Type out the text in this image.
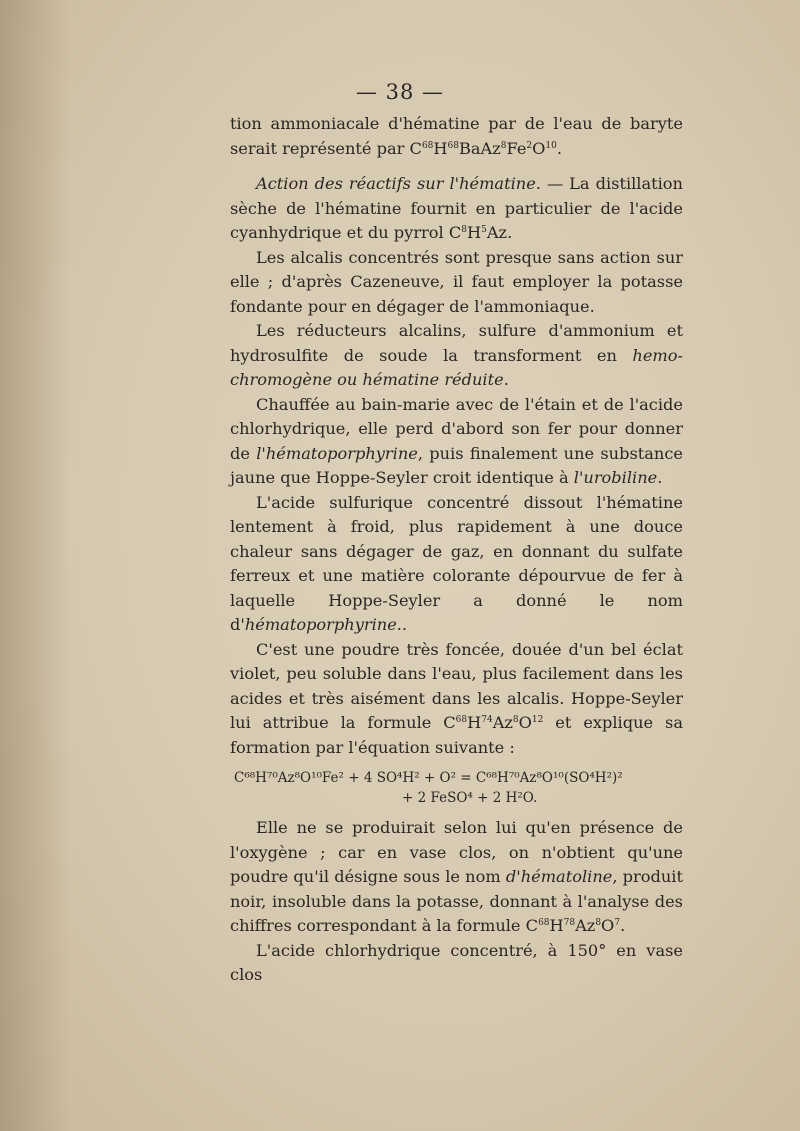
— 38 —

tion ammoniacale d'hématine par de l'eau de baryte serait représenté par $C^{68}H^{68}BaAz^8Fe^2O^{10}$.

Action des réactifs sur l'hématine. — La distillation sèche de l'hématine fournit en particulier de l'acide cyanhydrique et du pyrrol $C^8H^5Az$.

Les alcalis concentrés sont presque sans action sur elle ; d'après Cazeneuve, il faut employer la potasse fondante pour en dégager de l'ammoniaque.

Les réducteurs alcalins, sulfure d'ammonium et hydrosulfite de soude la transforment en hemo-chromogène ou hématine réduite.

Chauffée au bain-marie avec de l'étain et de l'acide chlorhydrique, elle perd d'abord son fer pour donner de l'hématoporphyrine, puis finalement une substance jaune que Hoppe-Seyler croit identique à l'urobiline.

L'acide sulfurique concentré dissout l'hématine lentement à froid, plus rapidement à une douce chaleur sans dégager de gaz, en donnant du sulfate ferreux et une matière colorante dépourvue de fer à laquelle Hoppe-Seyler a donné le nom d'hématoporphyrine..

C'est une poudre très foncée, douée d'un bel éclat violet, peu soluble dans l'eau, plus facilement dans les acides et très aisément dans les alcalis. Hoppe-Seyler lui attribue la formule $C^{68}H^{74}Az^8O^{12}$ et explique sa formation par l'équation suivante :

C⁶⁸H⁷⁰Az⁸O¹⁰Fe² + 4 SO⁴H² + O² = C⁶⁸H⁷⁰Az⁸O¹⁰(SO⁴H²)²
+ 2 FeSO⁴ + 2 H²O.

Elle ne se produirait selon lui qu'en présence de l'oxygène ; car en vase clos, on n'obtient qu'une poudre qu'il désigne sous le nom d'hématoline, produit noir, insoluble dans la potasse, donnant à l'analyse des chiffres correspondant à la formule $C^{68}H^{78}Az^8O^7$.

L'acide chlorhydrique concentré, à 150° en vase clos
